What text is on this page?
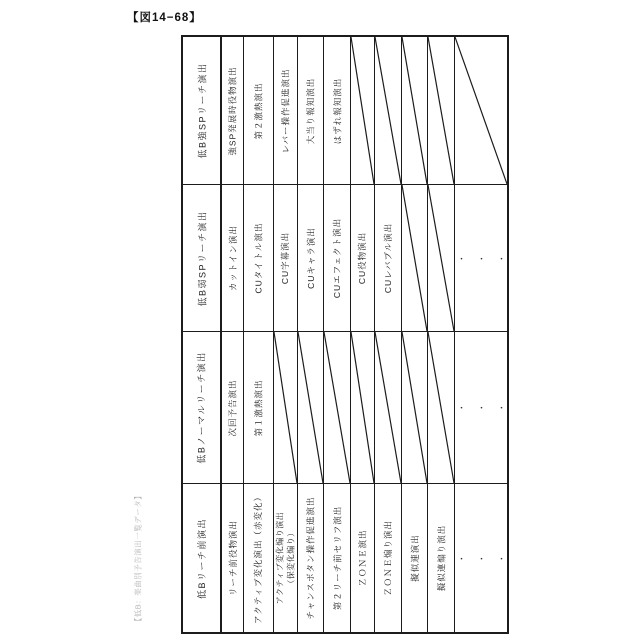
【図14−68】
【低B：楽曲別予告演出一覧データ】
低B強SPリーチ演出 強SP発展時役物演出 第２激熱演出 レバー操作促進演出 大当り報知演出 はずれ報知演出
低B弱SPリーチ演出 カットイン演出 CUタイトル演出 CU字幕演出 CUキャラ演出 CUエフェクト演出 CU役物演出 CUレバブル演出	・・・
低Bノーマルリーチ演出 次回予告演出 第１激熱演出	・・・
低Bリーチ前演出 リーチ前役物演出 アクティブ変化演出（赤変化） アクティブ変化煽り演出 （保変化煽り） チャンスボタン操作促進演出 第２リーチ前セリフ演出 ＺＯＮＥ演出 ＺＯＮＥ煽り演出 擬似連演出 擬似連煽り演出 ・・・
